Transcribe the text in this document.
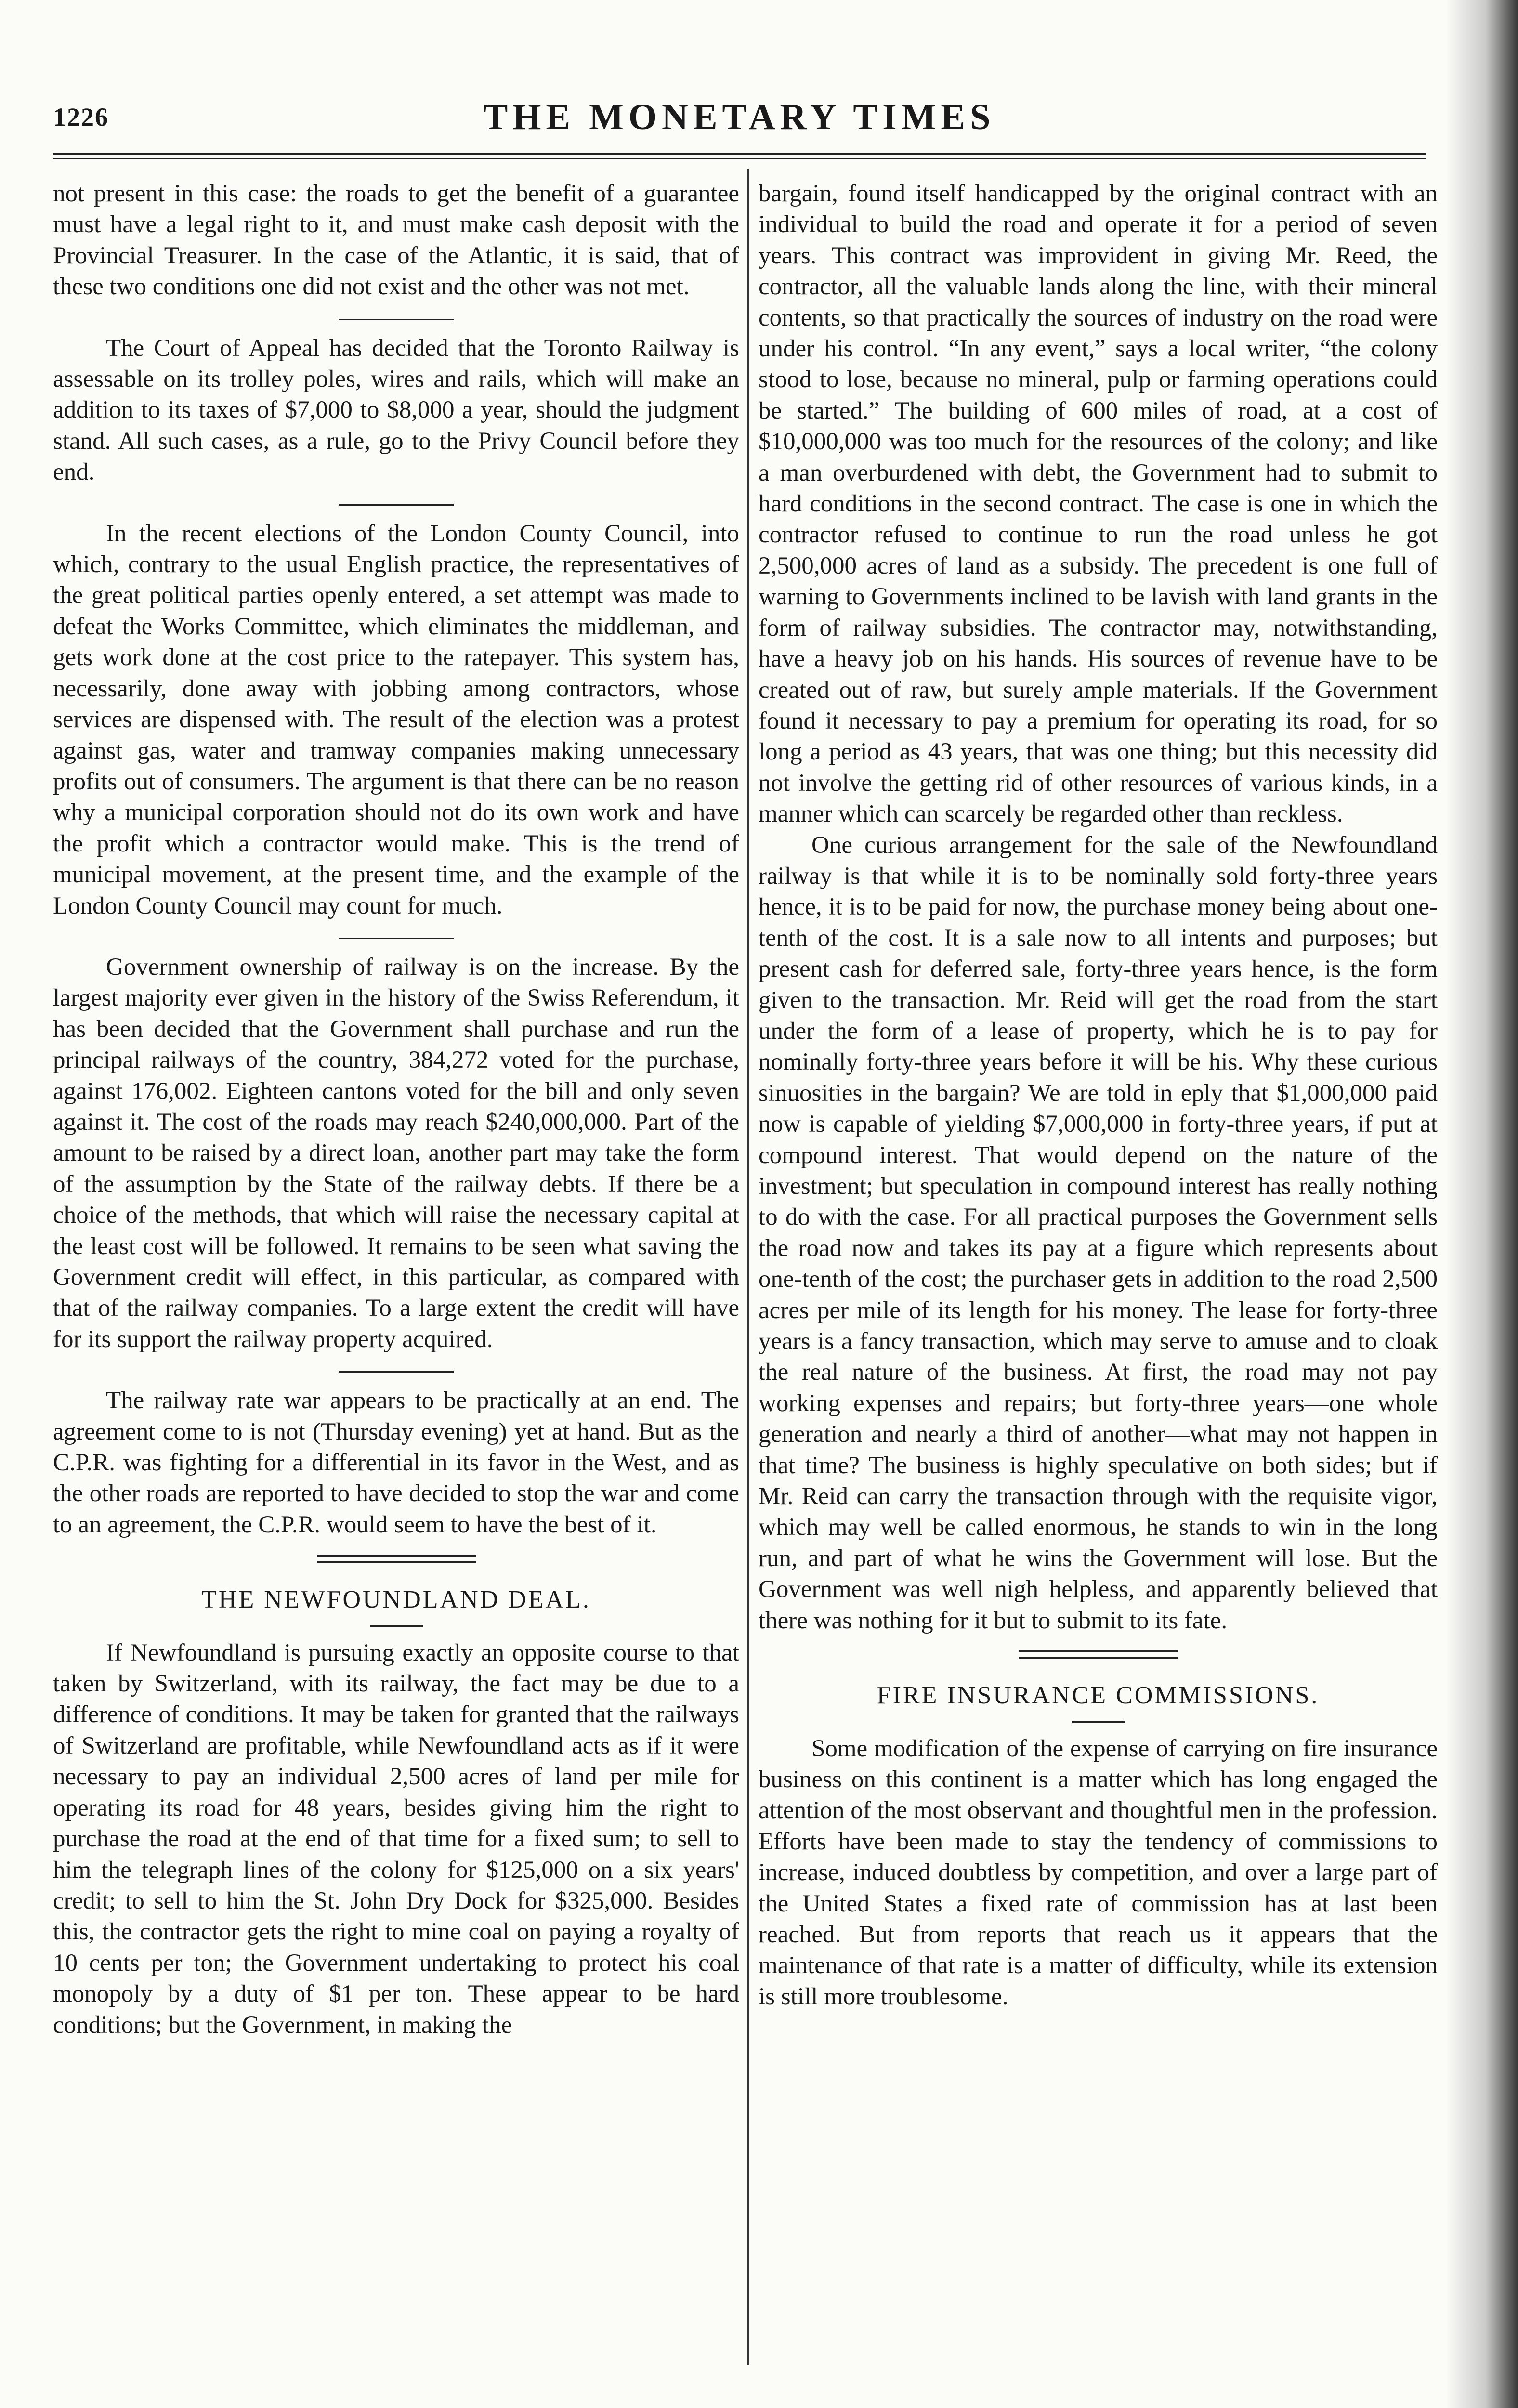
1226	THE MONETARY TIMES

not present in this case: the roads to get the benefit of a guarantee must have a legal right to it, and must make cash deposit with the Provincial Treasurer. In the case of the Atlantic, it is said, that of these two conditions one did not exist and the other was not met.

The Court of Appeal has decided that the Toronto Railway is assessable on its trolley poles, wires and rails, which will make an addition to its taxes of $7,000 to $8,000 a year, should the judgment stand. All such cases, as a rule, go to the Privy Council before they end.

In the recent elections of the London County Council, into which, contrary to the usual English practice, the representatives of the great political parties openly entered, a set attempt was made to defeat the Works Committee, which eliminates the middleman, and gets work done at the cost price to the ratepayer. This system has, necessarily, done away with jobbing among contractors, whose services are dispensed with. The result of the election was a protest against gas, water and tramway companies making unnecessary profits out of consumers. The argument is that there can be no reason why a municipal corporation should not do its own work and have the profit which a contractor would make. This is the trend of municipal movement, at the present time, and the example of the London County Council may count for much.

Government ownership of railway is on the increase. By the largest majority ever given in the history of the Swiss Referendum, it has been decided that the Government shall purchase and run the principal railways of the country, 384,272 voted for the purchase, against 176,002. Eighteen cantons voted for the bill and only seven against it. The cost of the roads may reach $240,000,000. Part of the amount to be raised by a direct loan, another part may take the form of the assumption by the State of the railway debts. If there be a choice of the methods, that which will raise the necessary capital at the least cost will be followed. It remains to be seen what saving the Government credit will effect, in this particular, as compared with that of the railway companies. To a large extent the credit will have for its support the railway property acquired.

The railway rate war appears to be practically at an end. The agreement come to is not (Thursday evening) yet at hand. But as the C.P.R. was fighting for a differential in its favor in the West, and as the other roads are reported to have decided to stop the war and come to an agreement, the C.P.R. would seem to have the best of it.

THE NEWFOUNDLAND DEAL.

If Newfoundland is pursuing exactly an opposite course to that taken by Switzerland, with its railway, the fact may be due to a difference of conditions. It may be taken for granted that the railways of Switzerland are profitable, while Newfoundland acts as if it were necessary to pay an individual 2,500 acres of land per mile for operating its road for 48 years, besides giving him the right to purchase the road at the end of that time for a fixed sum; to sell to him the telegraph lines of the colony for $125,000 on a six years' credit; to sell to him the St. John Dry Dock for $325,000. Besides this, the contractor gets the right to mine coal on paying a royalty of 10 cents per ton; the Government undertaking to protect his coal monopoly by a duty of $1 per ton. These appear to be hard conditions; but the Government, in making the

bargain, found itself handicapped by the original contract with an individual to build the road and operate it for a period of seven years. This contract was improvident in giving Mr. Reed, the contractor, all the valuable lands along the line, with their mineral contents, so that practically the sources of industry on the road were under his control. “In any event,” says a local writer, “the colony stood to lose, because no mineral, pulp or farming operations could be started.” The building of 600 miles of road, at a cost of $10,000,000 was too much for the resources of the colony; and like a man overburdened with debt, the Government had to submit to hard conditions in the second contract. The case is one in which the contractor refused to continue to run the road unless he got 2,500,000 acres of land as a subsidy. The precedent is one full of warning to Governments inclined to be lavish with land grants in the form of railway subsidies. The contractor may, notwithstanding, have a heavy job on his hands. His sources of revenue have to be created out of raw, but surely ample materials. If the Government found it necessary to pay a premium for operating its road, for so long a period as 43 years, that was one thing; but this necessity did not involve the getting rid of other resources of various kinds, in a manner which can scarcely be regarded other than reckless.

One curious arrangement for the sale of the Newfoundland railway is that while it is to be nominally sold forty-three years hence, it is to be paid for now, the purchase money being about one-tenth of the cost. It is a sale now to all intents and purposes; but present cash for deferred sale, forty-three years hence, is the form given to the transaction. Mr. Reid will get the road from the start under the form of a lease of property, which he is to pay for nominally forty-three years before it will be his. Why these curious sinuosities in the bargain? We are told in eply that $1,000,000 paid now is capable of yielding $7,000,000 in forty-three years, if put at compound interest. That would depend on the nature of the investment; but speculation in compound interest has really nothing to do with the case. For all practical purposes the Government sells the road now and takes its pay at a figure which represents about one-tenth of the cost; the purchaser gets in addition to the road 2,500 acres per mile of its length for his money. The lease for forty-three years is a fancy transaction, which may serve to amuse and to cloak the real nature of the business. At first, the road may not pay working expenses and repairs; but forty-three years—one whole generation and nearly a third of another—what may not happen in that time? The business is highly speculative on both sides; but if Mr. Reid can carry the transaction through with the requisite vigor, which may well be called enormous, he stands to win in the long run, and part of what he wins the Government will lose. But the Government was well nigh helpless, and apparently believed that there was nothing for it but to submit to its fate.

FIRE INSURANCE COMMISSIONS.

Some modification of the expense of carrying on fire insurance business on this continent is a matter which has long engaged the attention of the most observant and thoughtful men in the profession. Efforts have been made to stay the tendency of commissions to increase, induced doubtless by competition, and over a large part of the United States a fixed rate of commission has at last been reached. But from reports that reach us it appears that the maintenance of that rate is a matter of difficulty, while its extension is still more troublesome.
